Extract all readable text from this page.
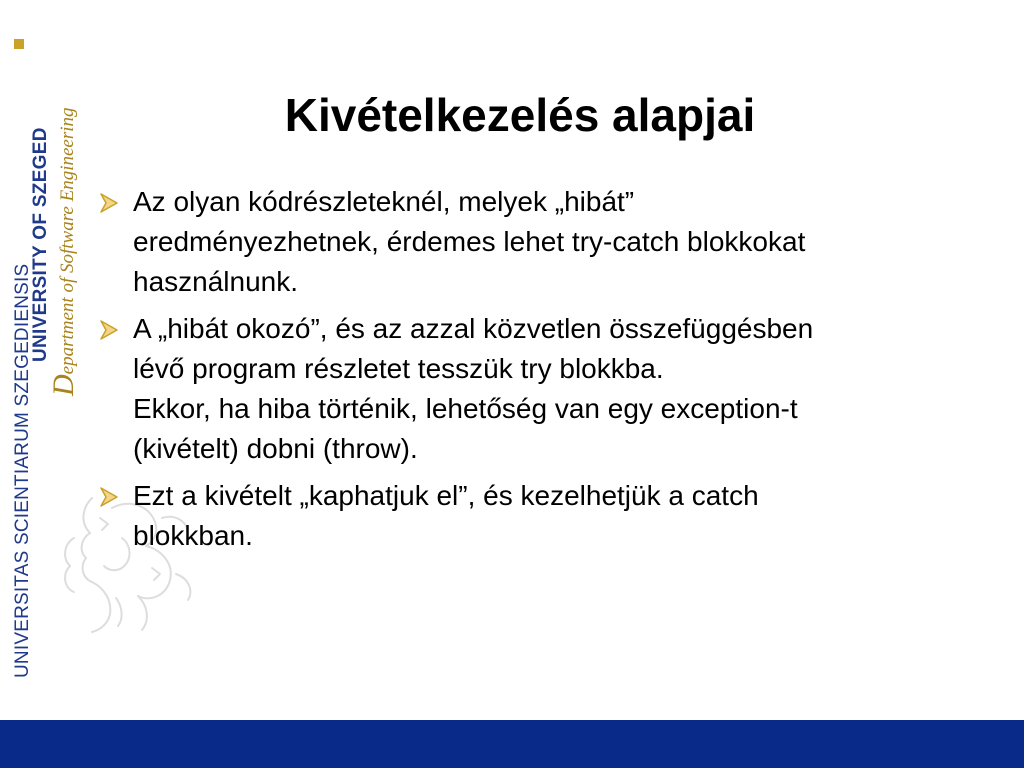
UNIVERSITAS SCIENTIARUM SZEGEDIENSIS
UNIVERSITY OF SZEGED
Department of Software Engineering	Kivételkezelés alapjai
Az olyan kódrészleteknél, melyek „hibát”
eredményezhetnek, érdemes lehet try-catch blokkokat
használnunk.
A „hibát okozó”, és az azzal közvetlen összefüggésben
lévő program részletet tesszük try blokkba.
Ekkor, ha hiba történik, lehetőség van egy exception-t
(kivételt) dobni (throw).
Ezt a kivételt „kaphatjuk el”, és kezelhetjük a catch
blokkban.
